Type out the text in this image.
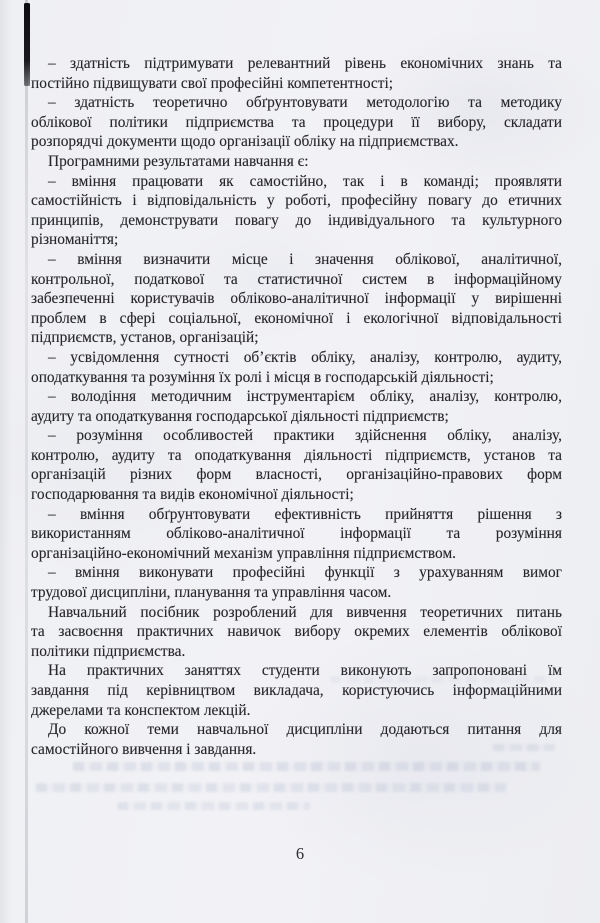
– здатність підтримувати релевантний рівень економічних знань та
постійно підвищувати свої професійні компетентності;
– здатність теоретично обґрунтовувати методологію та методику
облікової політики підприємства та процедури її вибору, складати
розпорядчі документи щодо організації обліку на підприємствах.
Програмними результатами навчання є:
– вміння працювати як самостійно, так і в команді; проявляти
самостійність і відповідальність у роботі, професійну повагу до етичних
принципів, демонструвати повагу до індивідуального та культурного
різноманіття;
– вміння визначити місце і значення облікової, аналітичної,
контрольної, податкової та статистичної систем в інформаційному
забезпеченні користувачів обліково-аналітичної інформації у вирішенні
проблем в сфері соціальної, економічної і екологічної відповідальності
підприємств, установ, організацій;
– усвідомлення сутності об’єктів обліку, аналізу, контролю, аудиту,
оподаткування та розуміння їх ролі і місця в господарській діяльності;
– володіння методичним інструментарієм обліку, аналізу, контролю,
аудиту та оподаткування господарської діяльності підприємств;
– розуміння особливостей практики здійснення обліку, аналізу,
контролю, аудиту та оподаткування діяльності підприємств, установ та
організацій різних форм власності, організаційно-правових форм
господарювання та видів економічної діяльності;
– вміння обґрунтовувати ефективність прийняття рішення з
використанням обліково-аналітичної інформації та розуміння
організаційно-економічний механізм управління підприємством.
– вміння виконувати професійні функції з урахуванням вимог
трудової дисципліни, планування та управління часом.
Навчальний посібник розроблений для вивчення теоретичних питань
та засвоєння практичних навичок вибору окремих елементів облікової
політики підприємства.
На практичних заняттях студенти виконують запропоновані їм
завдання під керівництвом викладача, користуючись інформаційними
джерелами та конспектом лекцій.
До кожної теми навчальної дисципліни додаються питання для
самостійного вивчення і завдання.
6
